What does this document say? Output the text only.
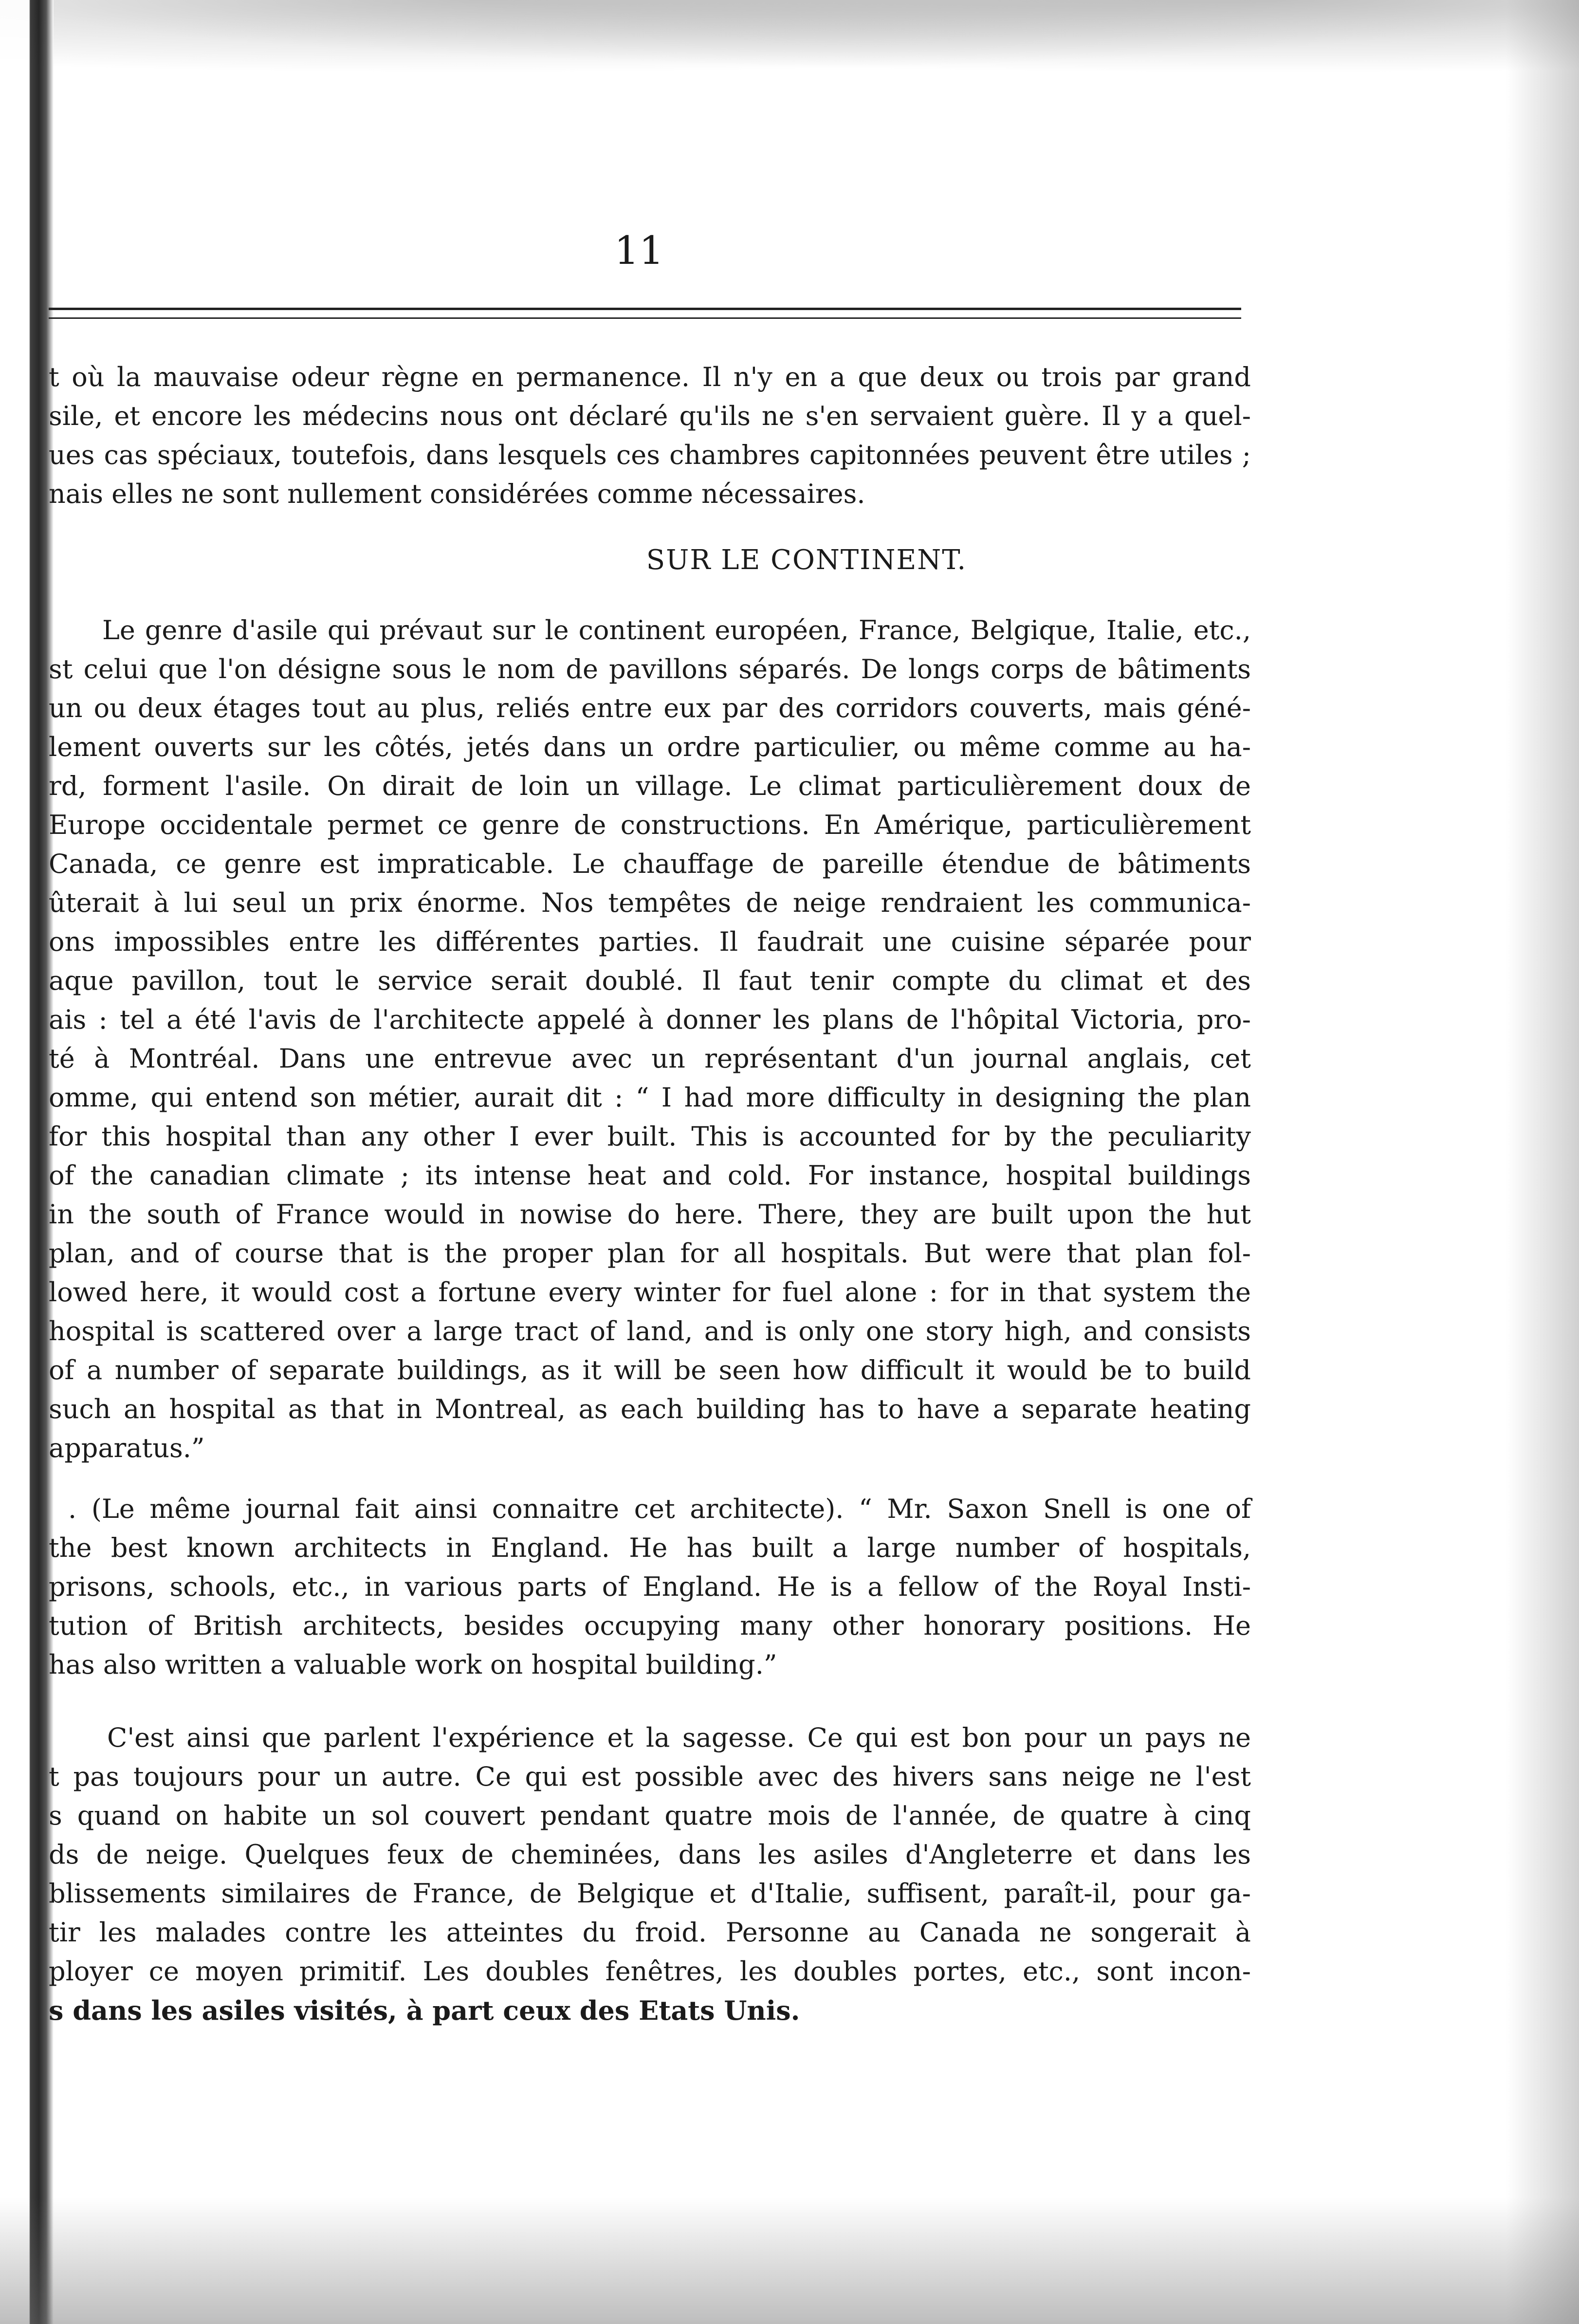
11
t où la mauvaise odeur règne en permanence. Il n'y en a que deux ou trois par grand
sile, et encore les médecins nous ont déclaré qu'ils ne s'en servaient guère. Il y a quel-
ues cas spéciaux, toutefois, dans lesquels ces chambres capitonnées peuvent être utiles ;
nais elles ne sont nullement considérées comme nécessaires.
SUR LE CONTINENT.
Le genre d'asile qui prévaut sur le continent européen, France, Belgique, Italie, etc.,
st celui que l'on désigne sous le nom de pavillons séparés. De longs corps de bâtiments
un ou deux étages tout au plus, reliés entre eux par des corridors couverts, mais géné-
lement ouverts sur les côtés, jetés dans un ordre particulier, ou même comme au ha-
rd, forment l'asile. On dirait de loin un village. Le climat particulièrement doux de
Europe occidentale permet ce genre de constructions. En Amérique, particulièrement
Canada, ce genre est impraticable. Le chauffage de pareille étendue de bâtiments
ûterait à lui seul un prix énorme. Nos tempêtes de neige rendraient les communica-
ons impossibles entre les différentes parties. Il faudrait une cuisine séparée pour
aque pavillon, tout le service serait doublé. Il faut tenir compte du climat et des
ais : tel a été l'avis de l'architecte appelé à donner les plans de l'hôpital Victoria, pro-
té à Montréal. Dans une entrevue avec un représentant d'un journal anglais, cet
omme, qui entend son métier, aurait dit : “ I had more difficulty in designing the plan
for this hospital than any other I ever built. This is accounted for by the peculiarity
of the canadian climate ; its intense heat and cold. For instance, hospital buildings
in the south of France would in nowise do here. There, they are built upon the hut
plan, and of course that is the proper plan for all hospitals. But were that plan fol-
lowed here, it would cost a fortune every winter for fuel alone : for in that system the
hospital is scattered over a large tract of land, and is only one story high, and consists
of a number of separate buildings, as it will be seen how difficult it would be to build
such an hospital as that in Montreal, as each building has to have a separate heating
apparatus.”
. (Le même journal fait ainsi connaitre cet architecte). “ Mr. Saxon Snell is one of
the best known architects in England. He has built a large number of hospitals,
prisons, schools, etc., in various parts of England. He is a fellow of the Royal Insti-
tution of British architects, besides occupying many other honorary positions. He
has also written a valuable work on hospital building.”
C'est ainsi que parlent l'expérience et la sagesse. Ce qui est bon pour un pays ne
t pas toujours pour un autre. Ce qui est possible avec des hivers sans neige ne l'est
s quand on habite un sol couvert pendant quatre mois de l'année, de quatre à cinq
ds de neige. Quelques feux de cheminées, dans les asiles d'Angleterre et dans les
blissements similaires de France, de Belgique et d'Italie, suffisent, paraît-il, pour ga-
tir les malades contre les atteintes du froid. Personne au Canada ne songerait à
ployer ce moyen primitif. Les doubles fenêtres, les doubles portes, etc., sont incon-
s dans les asiles visités, à part ceux des Etats Unis.
